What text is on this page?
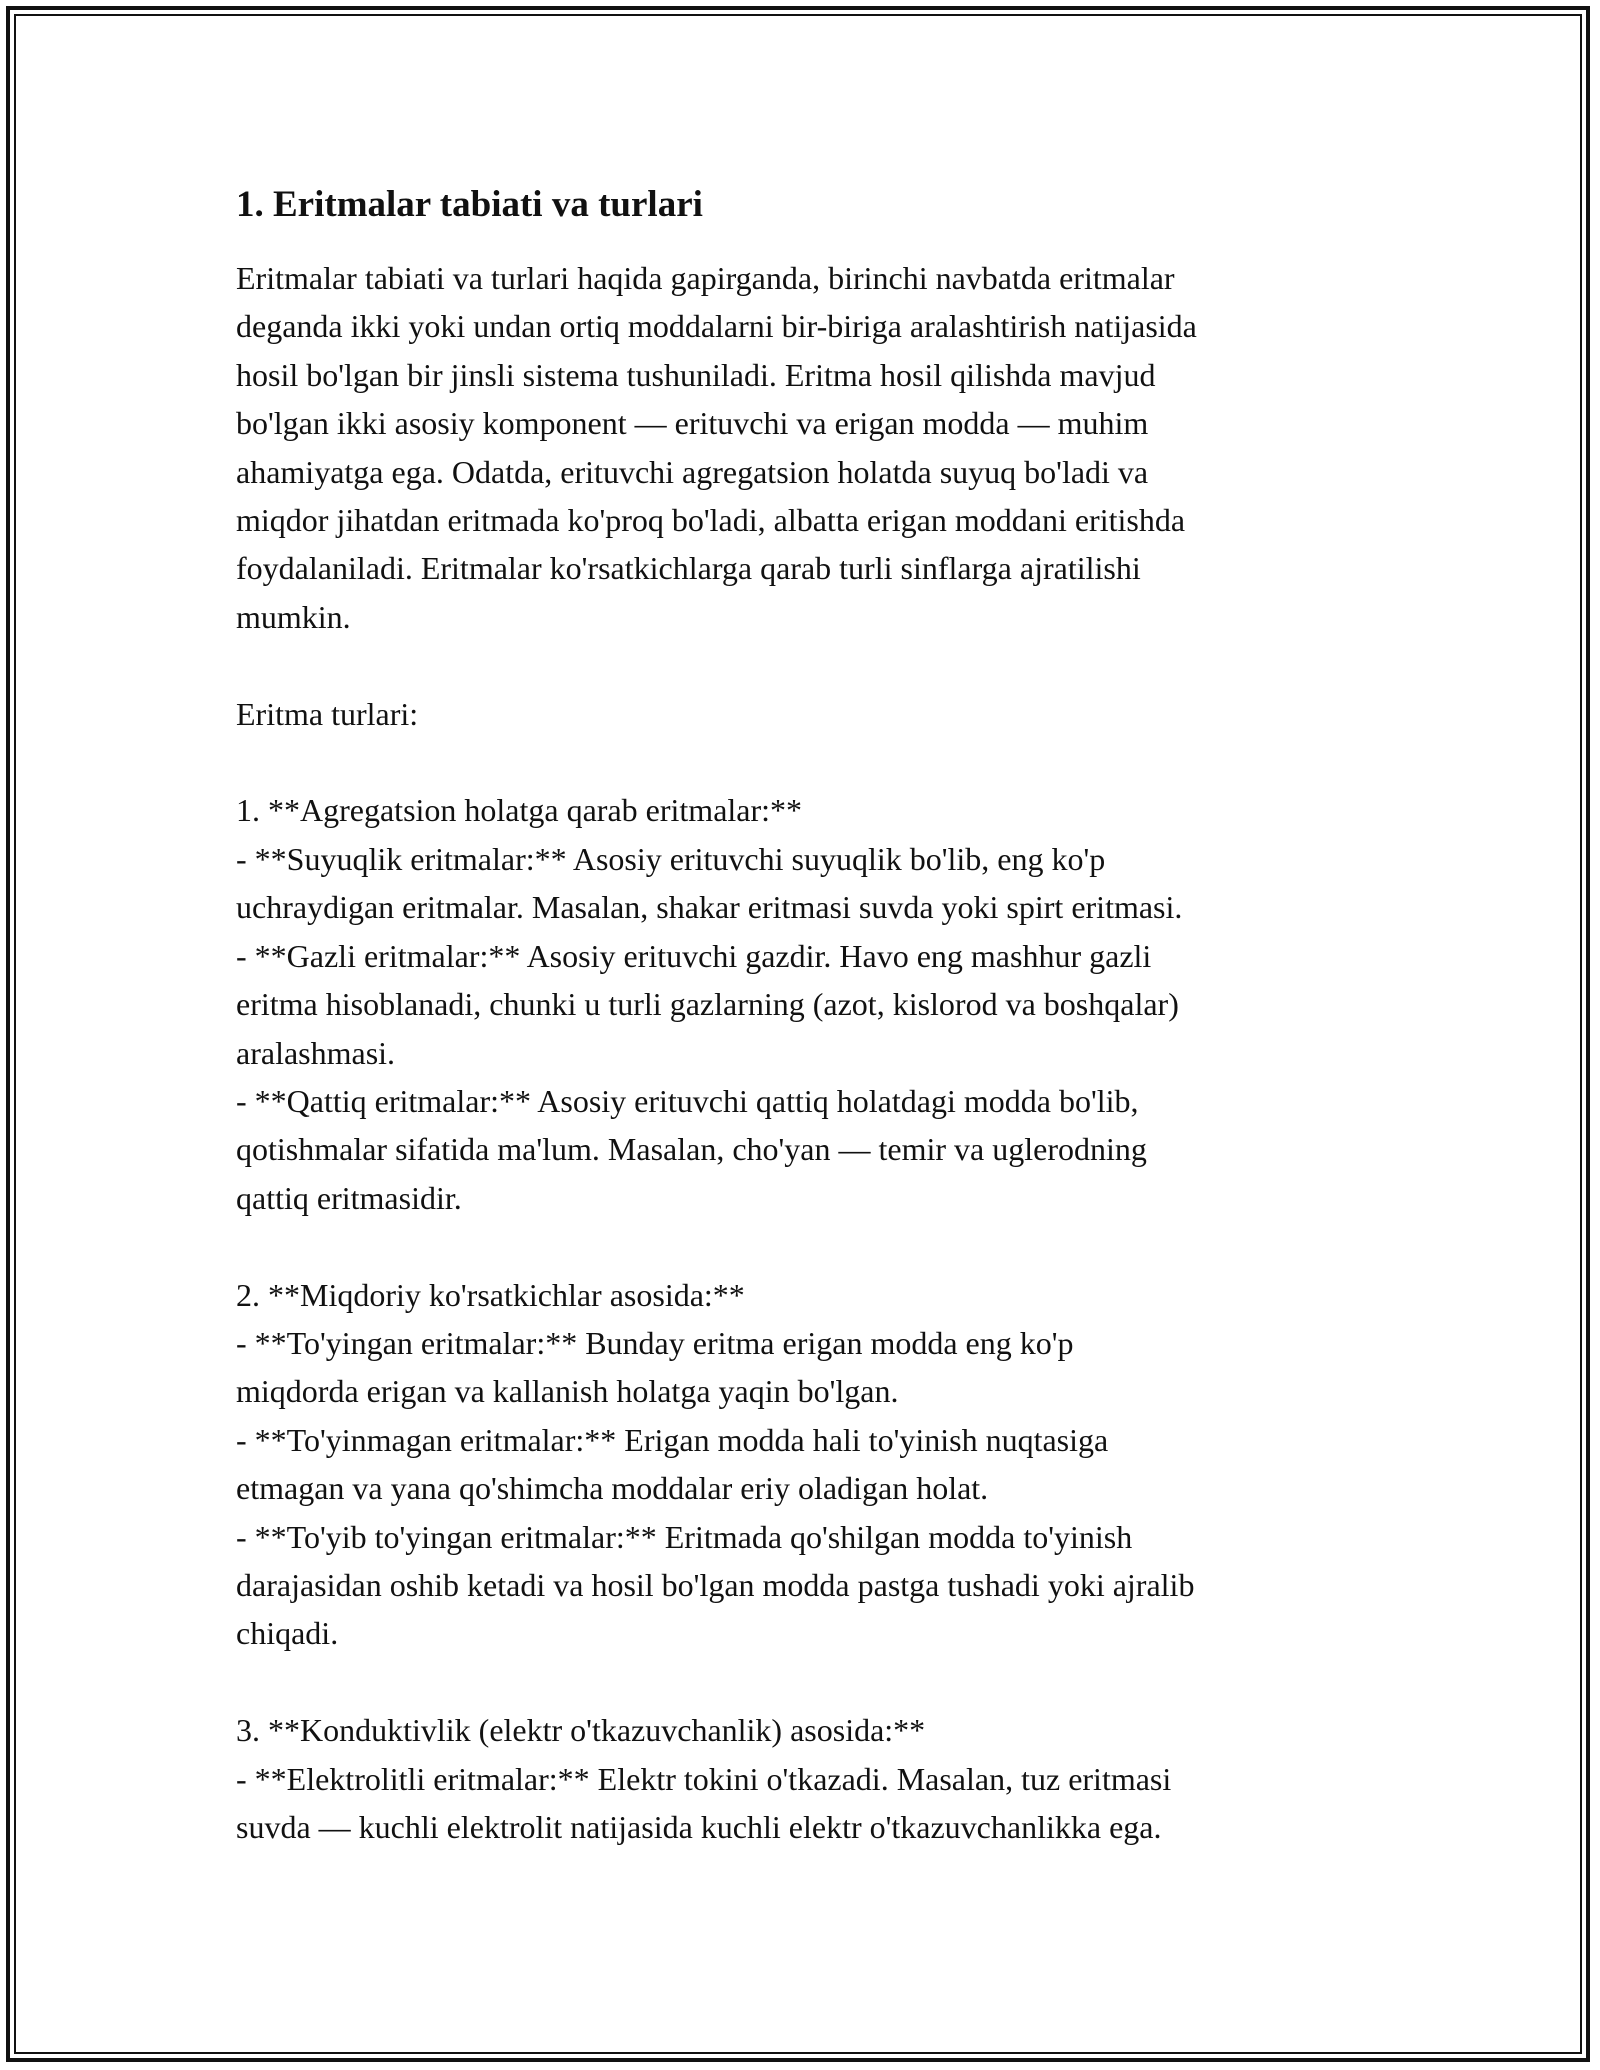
1. Eritmalar tabiati va turlari

Eritmalar tabiati va turlari haqida gapirganda, birinchi navbatda eritmalar
deganda ikki yoki undan ortiq moddalarni bir-biriga aralashtirish natijasida
hosil bo'lgan bir jinsli sistema tushuniladi. Eritma hosil qilishda mavjud
bo'lgan ikki asosiy komponent — erituvchi va erigan modda — muhim
ahamiyatga ega. Odatda, erituvchi agregatsion holatda suyuq bo'ladi va
miqdor jihatdan eritmada ko'proq bo'ladi, albatta erigan moddani eritishda
foydalaniladi. Eritmalar ko'rsatkichlarga qarab turli sinflarga ajratilishi
mumkin.

Eritma turlari:

1. **Agregatsion holatga qarab eritmalar:**
- **Suyuqlik eritmalar:** Asosiy erituvchi suyuqlik bo'lib, eng ko'p
uchraydigan eritmalar. Masalan, shakar eritmasi suvda yoki spirt eritmasi.
- **Gazli eritmalar:** Asosiy erituvchi gazdir. Havo eng mashhur gazli
eritma hisoblanadi, chunki u turli gazlarning (azot, kislorod va boshqalar)
aralashmasi.
- **Qattiq eritmalar:** Asosiy erituvchi qattiq holatdagi modda bo'lib,
qotishmalar sifatida ma'lum. Masalan, cho'yan — temir va uglerodning
qattiq eritmasidir.

2. **Miqdoriy ko'rsatkichlar asosida:**
- **To'yingan eritmalar:** Bunday eritma erigan modda eng ko'p
miqdorda erigan va kallanish holatga yaqin bo'lgan.
- **To'yinmagan eritmalar:** Erigan modda hali to'yinish nuqtasiga
etmagan va yana qo'shimcha moddalar eriy oladigan holat.
- **To'yib to'yingan eritmalar:** Eritmada qo'shilgan modda to'yinish
darajasidan oshib ketadi va hosil bo'lgan modda pastga tushadi yoki ajralib
chiqadi.

3. **Konduktivlik (elektr o'tkazuvchanlik) asosida:**
- **Elektrolitli eritmalar:** Elektr tokini o'tkazadi. Masalan, tuz eritmasi
suvda — kuchli elektrolit natijasida kuchli elektr o'tkazuvchanlikka ega.
